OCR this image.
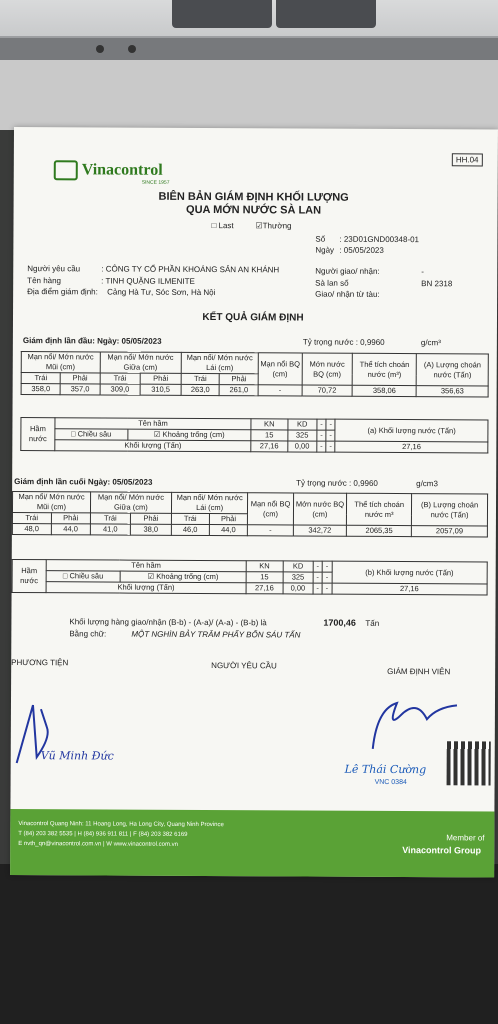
HH.04
Vinacontrol
SINCE 1957
BIÊN BẢN GIÁM ĐỊNH KHỐI LƯỢNG
QUA MỚN NƯỚC SÀ LAN
□ Last	☑Thường
Số : 23D01GND00348-01
Ngày : 05/05/2023
Người yêu cầu	: CÔNG TY CỔ PHẦN KHOÁNG SẢN AN KHÁNH
Tên hàng	: TINH QUẶNG ILMENITE
Địa điểm giám định: Cảng Hà Tư, Sóc Sơn, Hà Nội
Người giao/ nhận:	-
Sà lan số	BN 2318
Giao/ nhận từ tàu:
KẾT QUẢ GIÁM ĐỊNH
Giám định lần đầu: Ngày: 05/05/2023	Tỷ trọng nước : 0,9960	g/cm³
Mạn nổi/ Mớn nước Mũi (cm)		Mạn nổi/ Mớn nước Giữa (cm)		Mạn nổi/ Mớn nước Lái (cm)		Mạn nổi BQ (cm)	Mớn nước BQ (cm)	Thể tích choán nước (m³)	(A) Lượng choán nước (Tấn)
Trái	Phải	Trái	Phải	Trái	Phải				
358,0	357,0	309,0	310,5	263,0	261,0	-	70,72	358,06	356,63
Hầm nước	Tên hầm		KN	KD	-	-	(a) Khối lượng nước (Tấn)
	□ Chiều sâu	☑ Khoảng trống (cm)	15	325	-	-	
	Khối lượng (Tấn)		27,16	0,00	-	-	27,16
Giám định lần cuối Ngày: 05/05/2023	Tỷ trọng nước : 0,9960	g/cm3
Mạn nổi/ Mớn nước Mũi (cm)		Mạn nổi/ Mớn nước Giữa (cm)		Mạn nổi/ Mớn nước Lái (cm)		Mạn nổi BQ (cm)	Mớn nước BQ (cm)	Thể tích choán nước m³	(B) Lượng choán nước (Tấn)
Trái	Phải	Trái	Phải	Trái	Phải				
48,0	44,0	41,0	38,0	46,0	44,0	-	342,72	2065,35	2057,09
Hầm nước	Tên hầm		KN	KD	-	-	(b) Khối lượng nước (Tấn)
	□ Chiều sâu	☑ Khoảng trống (cm)	15	325	-	-	
	Khối lượng (Tấn)		27,16	0,00	-	-	27,16
Khối lượng hàng giao/nhận (B-b) - (A-a)/ (A-a) - (B-b) là	1700,46 Tấn
Bằng chữ:	MỘT NGHÌN BẢY TRĂM PHẨY BỐN SÁU TẤN
PHƯƠNG TIỆN	NGƯỜI YÊU CẦU
GIÁM ĐỊNH VIÊN
Vũ Minh Đức
Lê Thái Cường
VNC 0384
Vinacontrol Quang Ninh: 11 Hoang Long, Ha Long City, Quang Ninh Province
T (84) 203 382 5535 | H (84) 936 911 811 | F (84) 203 382 6169
E nvth_qn@vinacontrol.com.vn | W www.vinacontrol.com.vn
Member of
Vinacontrol Group
